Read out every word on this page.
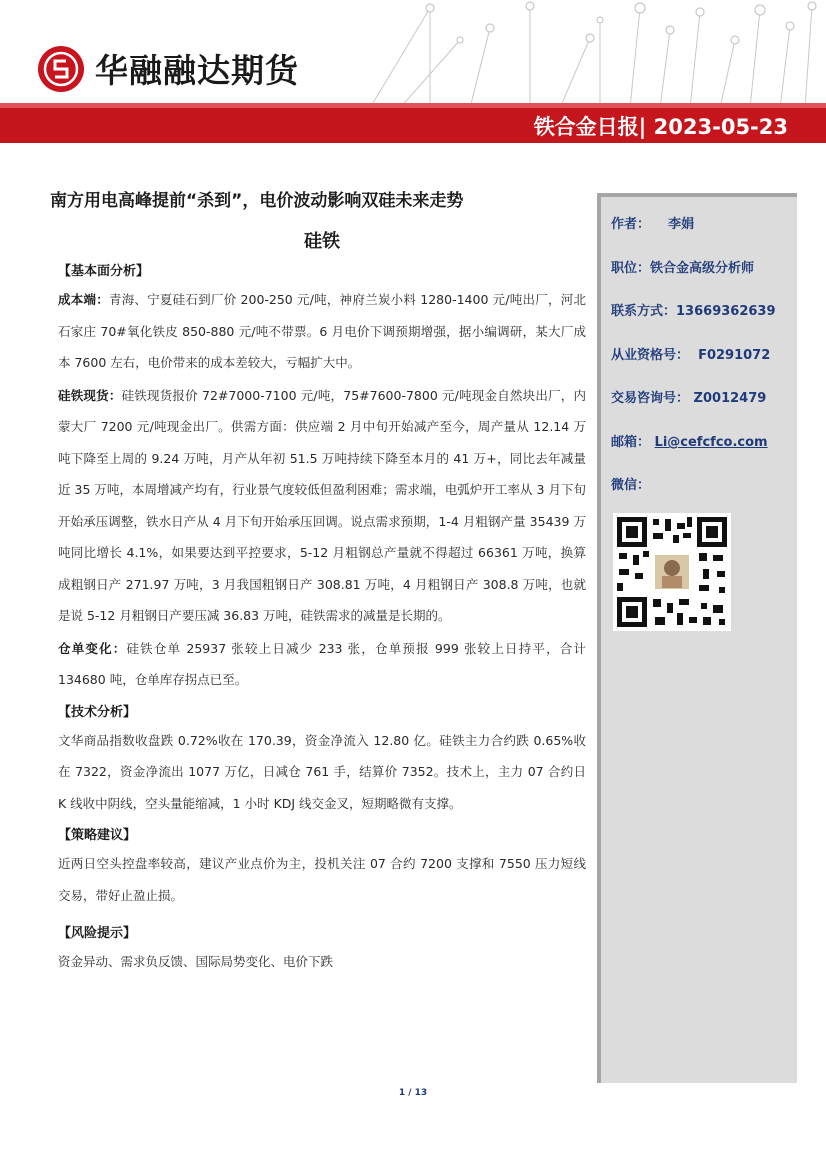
华融融达期货
铁合金日报| 2023-05-23
南方用电高峰提前“杀到”，电价波动影响双硅未来走势
硅铁
【基本面分析】

成本端：青海、宁夏硅石到厂价 200-250 元/吨，神府兰炭小料 1280-1400 元/吨出厂，河北石家庄 70#氧化铁皮 850-880 元/吨不带票。6 月电价下调预期增强，据小编调研，某大厂成本 7600 左右，电价带来的成本差较大，亏幅扩大中。

硅铁现货：硅铁现货报价 72#7000-7100 元/吨，75#7600-7800 元/吨现金自然块出厂，内蒙大厂 7200 元/吨现金出厂。供需方面：供应端 2 月中旬开始减产至今，周产量从 12.14 万吨下降至上周的 9.24 万吨，月产从年初 51.5 万吨持续下降至本月的 41 万+，同比去年减量近 35 万吨，本周增减产均有，行业景气度较低但盈利困难；需求端，电弧炉开工率从 3 月下旬开始承压调整，铁水日产从 4 月下旬开始承压回调。说点需求预期，1-4 月粗钢产量 35439 万吨同比增长 4.1%，如果要达到平控要求，5-12 月粗钢总产量就不得超过 66361 万吨，换算成粗钢日产 271.97 万吨，3 月我国粗钢日产 308.81 万吨，4 月粗钢日产 308.8 万吨，也就是说 5-12 月粗钢日产要压减 36.83 万吨，硅铁需求的减量是长期的。

仓单变化：硅铁仓单 25937 张较上日减少 233 张，仓单预报 999 张较上日持平，合计 134680 吨，仓单库存拐点已至。

【技术分析】

文华商品指数收盘跌 0.72%收在 170.39，资金净流入 12.80 亿。硅铁主力合约跌 0.65%收在 7322，资金净流出 1077 万亿，日减仓 761 手，结算价 7352。技术上，主力 07 合约日 K 线收中阴线，空头量能缩减，1 小时 KDJ 线交金叉，短期略微有支撑。

【策略建议】

近两日空头控盘率较高，建议产业点价为主，投机关注 07 合约 7200 支撑和 7550 压力短线交易，带好止盈止损。

【风险提示】

资金异动、需求负反馈、国际局势变化、电价下跌

作者： 李娟
职位：铁合金高级分析师
联系方式：13669362639
从业资格号： F0291072
交易咨询号： Z0012479
邮箱： Li@cefcfco.com
微信：
1 / 13
